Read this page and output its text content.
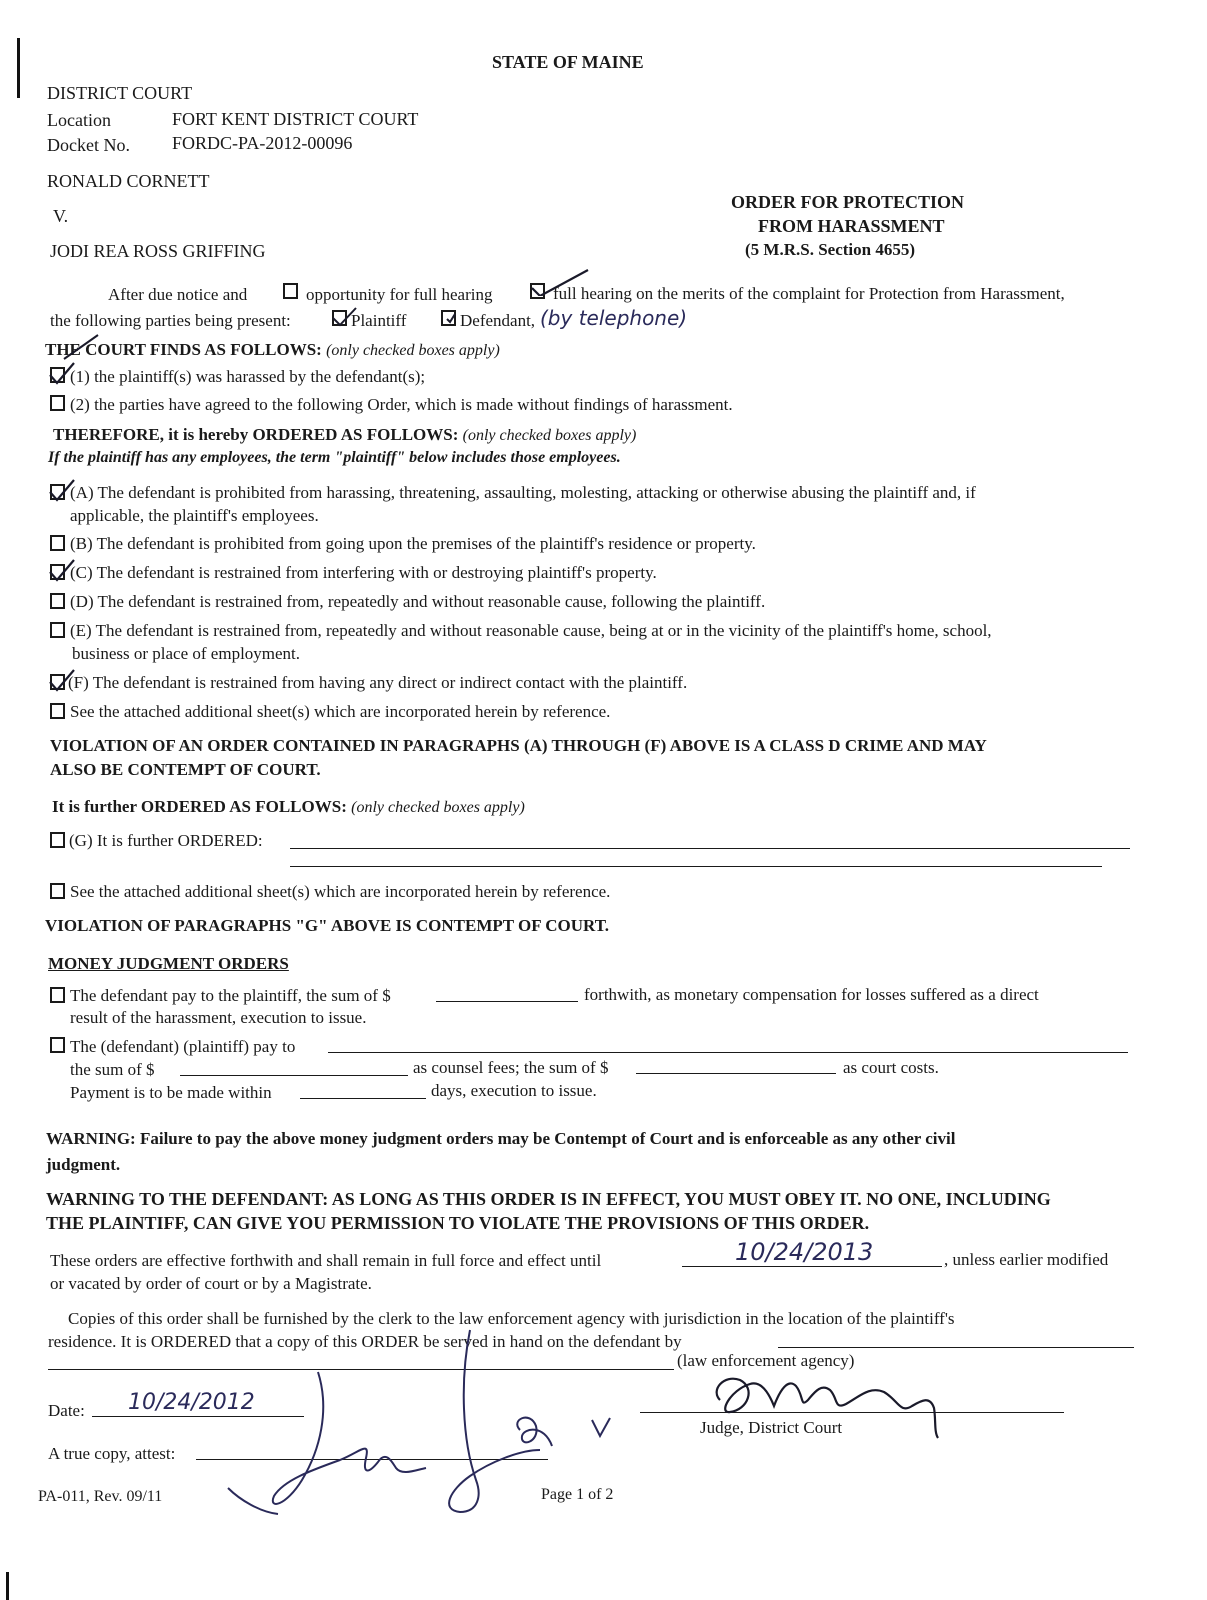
STATE OF MAINE
DISTRICT COURT
Location	FORT KENT DISTRICT COURT
Docket No. FORDC-PA-2012-00096
RONALD CORNETT
V.
JODI REA ROSS GRIFFING
ORDER FOR PROTECTION
FROM HARASSMENT
(5 M.R.S. Section 4655)
After due notice and	opportunity for full hearing	full hearing on the merits of the complaint for Protection from Harassment,
the following parties being present:	Plaintiff	Defendant, (by telephone)
THE COURT FINDS AS FOLLOWS: (only checked boxes apply)
(1) the plaintiff(s) was harassed by the defendant(s);
(2) the parties have agreed to the following Order, which is made without findings of harassment.
THEREFORE, it is hereby ORDERED AS FOLLOWS: (only checked boxes apply)
If the plaintiff has any employees, the term "plaintiff" below includes those employees.
(A) The defendant is prohibited from harassing, threatening, assaulting, molesting, attacking or otherwise abusing the plaintiff and, if
applicable, the plaintiff's employees.
(B) The defendant is prohibited from going upon the premises of the plaintiff's residence or property.
(C) The defendant is restrained from interfering with or destroying plaintiff's property.
(D) The defendant is restrained from, repeatedly and without reasonable cause, following the plaintiff.
(E) The defendant is restrained from, repeatedly and without reasonable cause, being at or in the vicinity of the plaintiff's home, school,
business or place of employment.
(F) The defendant is restrained from having any direct or indirect contact with the plaintiff.
See the attached additional sheet(s) which are incorporated herein by reference.
VIOLATION OF AN ORDER CONTAINED IN PARAGRAPHS (A) THROUGH (F) ABOVE IS A CLASS D CRIME AND MAY
ALSO BE CONTEMPT OF COURT.
It is further ORDERED AS FOLLOWS: (only checked boxes apply)
(G) It is further ORDERED:
See the attached additional sheet(s) which are incorporated herein by reference.
VIOLATION OF PARAGRAPHS "G" ABOVE IS CONTEMPT OF COURT.
MONEY JUDGMENT ORDERS
The defendant pay to the plaintiff, the sum of $	forthwith, as monetary compensation for losses suffered as a direct
result of the harassment, execution to issue.
The (defendant) (plaintiff) pay to
the sum of $	as counsel fees; the sum of $	as court costs.
Payment is to be made within	days, execution to issue.
WARNING: Failure to pay the above money judgment orders may be Contempt of Court and is enforceable as any other civil
judgment.
WARNING TO THE DEFENDANT: AS LONG AS THIS ORDER IS IN EFFECT, YOU MUST OBEY IT. NO ONE, INCLUDING
THE PLAINTIFF, CAN GIVE YOU PERMISSION TO VIOLATE THE PROVISIONS OF THIS ORDER.
These orders are effective forthwith and shall remain in full force and effect until	10/24/2013	, unless earlier modified
or vacated by order of court or by a Magistrate.
Copies of this order shall be furnished by the clerk to the law enforcement agency with jurisdiction in the location of the plaintiff's
residence. It is ORDERED that a copy of this ORDER be served in hand on the defendant by
(law enforcement agency)
Date: 10/24/2012
Judge, District Court
A true copy, attest:
PA-011, Rev. 09/11	Page 1 of 2
